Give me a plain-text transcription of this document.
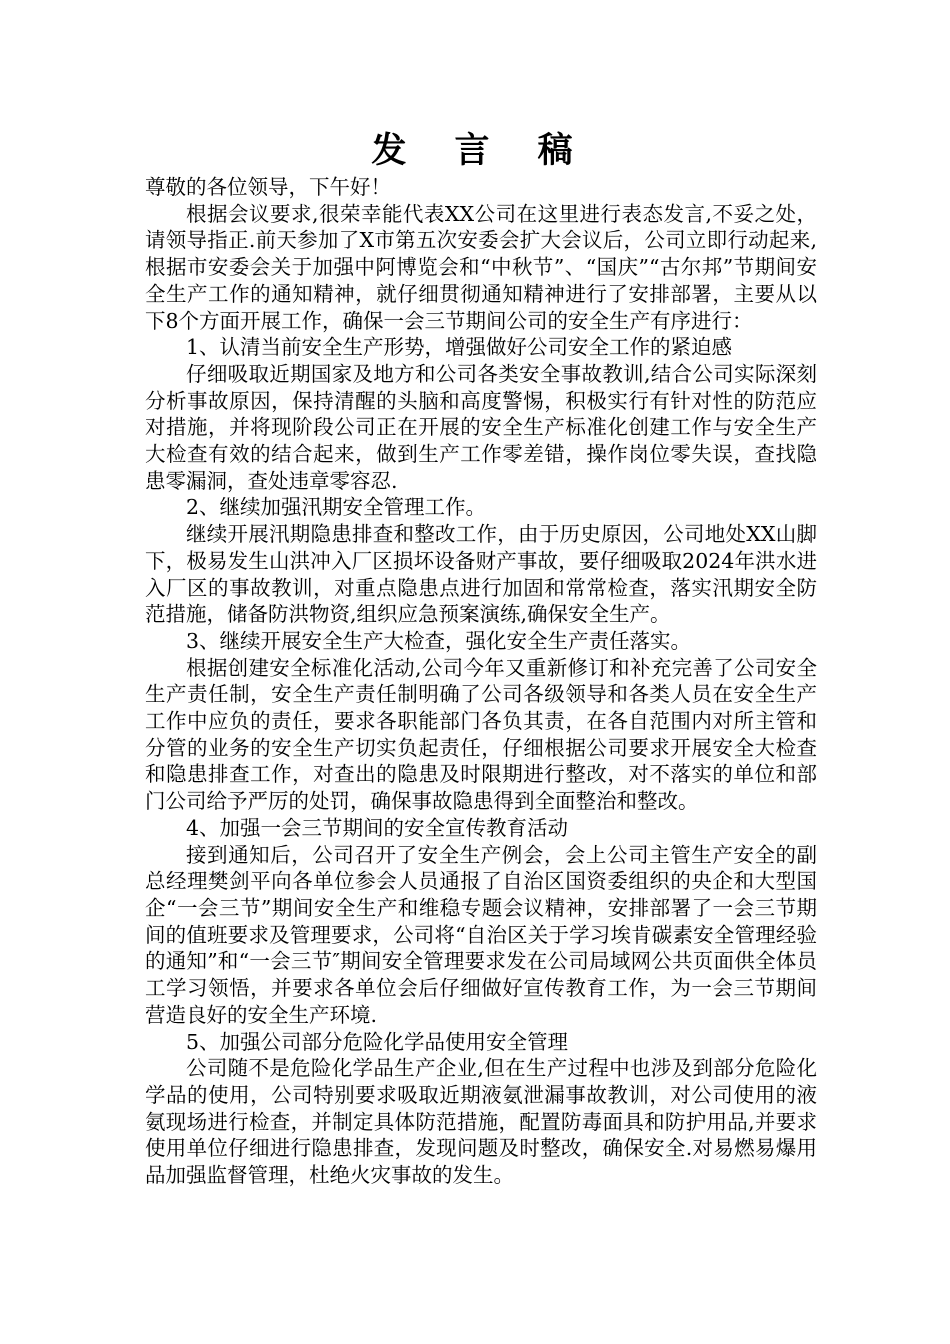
发 言 稿

尊敬的各位领导，下午好！

根据会议要求,很荣幸能代表XX公司在这里进行表态发言,不妥之处，请领导指正.前天参加了X市第五次安委会扩大会议后，公司立即行动起来,根据市安委会关于加强中阿博览会和“中秋节”、“国庆”“古尔邦”节期间安全生产工作的通知精神，就仔细贯彻通知精神进行了安排部署，主要从以下8个方面开展工作，确保一会三节期间公司的安全生产有序进行：

1、认清当前安全生产形势，增强做好公司安全工作的紧迫感

仔细吸取近期国家及地方和公司各类安全事故教训,结合公司实际深刻分析事故原因，保持清醒的头脑和高度警惕，积极实行有针对性的防范应对措施，并将现阶段公司正在开展的安全生产标准化创建工作与安全生产大检查有效的结合起来，做到生产工作零差错，操作岗位零失误，查找隐患零漏洞，查处违章零容忍.

2、继续加强汛期安全管理工作。

继续开展汛期隐患排查和整改工作，由于历史原因，公司地处XX山脚下，极易发生山洪冲入厂区损坏设备财产事故，要仔细吸取2024年洪水进入厂区的事故教训，对重点隐患点进行加固和常常检查，落实汛期安全防范措施，储备防洪物资,组织应急预案演练,确保安全生产。

3、继续开展安全生产大检查，强化安全生产责任落实。

根据创建安全标准化活动,公司今年又重新修订和补充完善了公司安全生产责任制，安全生产责任制明确了公司各级领导和各类人员在安全生产工作中应负的责任，要求各职能部门各负其责，在各自范围内对所主管和分管的业务的安全生产切实负起责任，仔细根据公司要求开展安全大检查和隐患排查工作，对查出的隐患及时限期进行整改，对不落实的单位和部门公司给予严厉的处罚，确保事故隐患得到全面整治和整改。

4、加强一会三节期间的安全宣传教育活动

接到通知后，公司召开了安全生产例会，会上公司主管生产安全的副总经理樊剑平向各单位参会人员通报了自治区国资委组织的央企和大型国企“一会三节”期间安全生产和维稳专题会议精神，安排部署了一会三节期间的值班要求及管理要求，公司将“自治区关于学习埃肯碳素安全管理经验的通知”和“一会三节″期间安全管理要求发在公司局域网公共页面供全体员工学习领悟，并要求各单位会后仔细做好宣传教育工作，为一会三节期间营造良好的安全生产环境.

5、加强公司部分危险化学品使用安全管理

公司随不是危险化学品生产企业,但在生产过程中也涉及到部分危险化学品的使用，公司特别要求吸取近期液氨泄漏事故教训，对公司使用的液氨现场进行检查，并制定具体防范措施，配置防毒面具和防护用品,并要求使用单位仔细进行隐患排查，发现问题及时整改，确保安全.对易燃易爆用品加强监督管理，杜绝火灾事故的发生。
